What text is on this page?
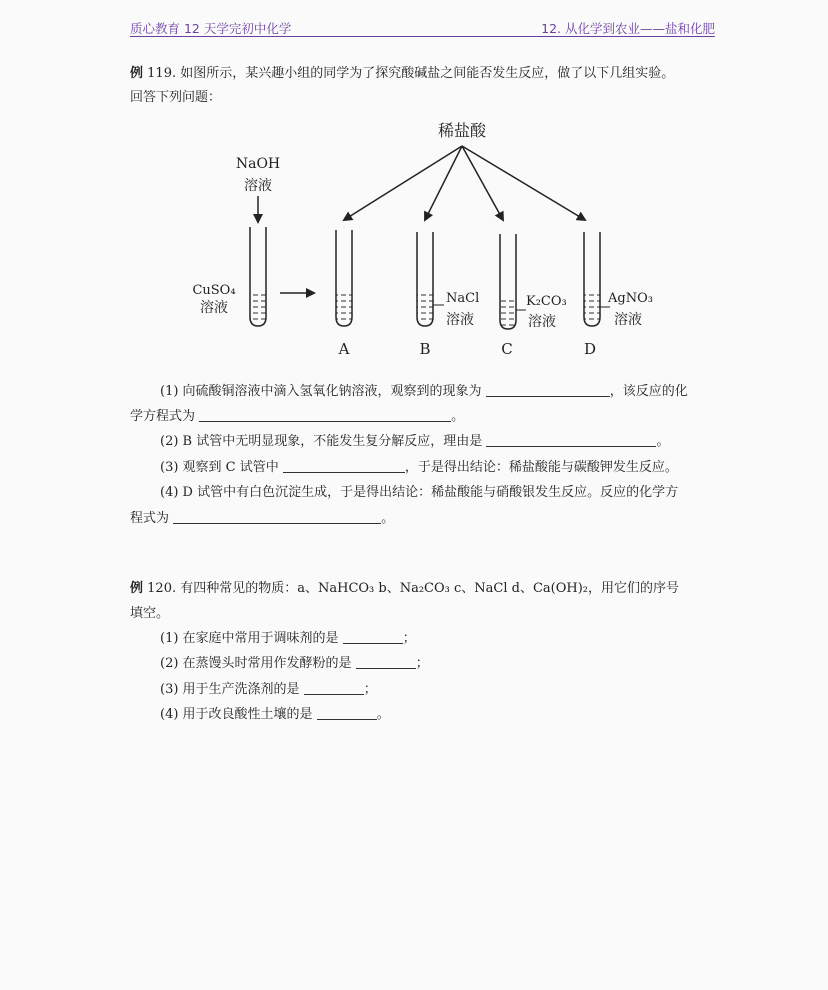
质心教育 12 天学完初中化学	12. 从化学到农业——盐和化肥
例 119. 如图所示，某兴趣小组的同学为了探究酸碱盐之间能否发生反应，做了以下几组实验。
回答下列问题：
稀盐酸
NaOH
溶液
CuSO₄
溶液
A
NaCl
溶液
B
K₂CO₃
溶液
C
AgNO₃
溶液
D
(1) 向硫酸铜溶液中滴入氢氧化钠溶液，观察到的现象为	，该反应的化
学方程式为	。
(2) B 试管中无明显现象，不能发生复分解反应，理由是	。
(3) 观察到 C 试管中	，于是得出结论：稀盐酸能与碳酸钾发生反应。
(4) D 试管中有白色沉淀生成，于是得出结论：稀盐酸能与硝酸银发生反应。反应的化学方
程式为	。
例 120. 有四种常见的物质：a、NaHCO₃ b、Na₂CO₃ c、NaCl d、Ca(OH)₂，用它们的序号
填空。
(1) 在家庭中常用于调味剂的是	；
(2) 在蒸馒头时常用作发酵粉的是	；
(3) 用于生产洗涤剂的是	；
(4) 用于改良酸性土壤的是	。
